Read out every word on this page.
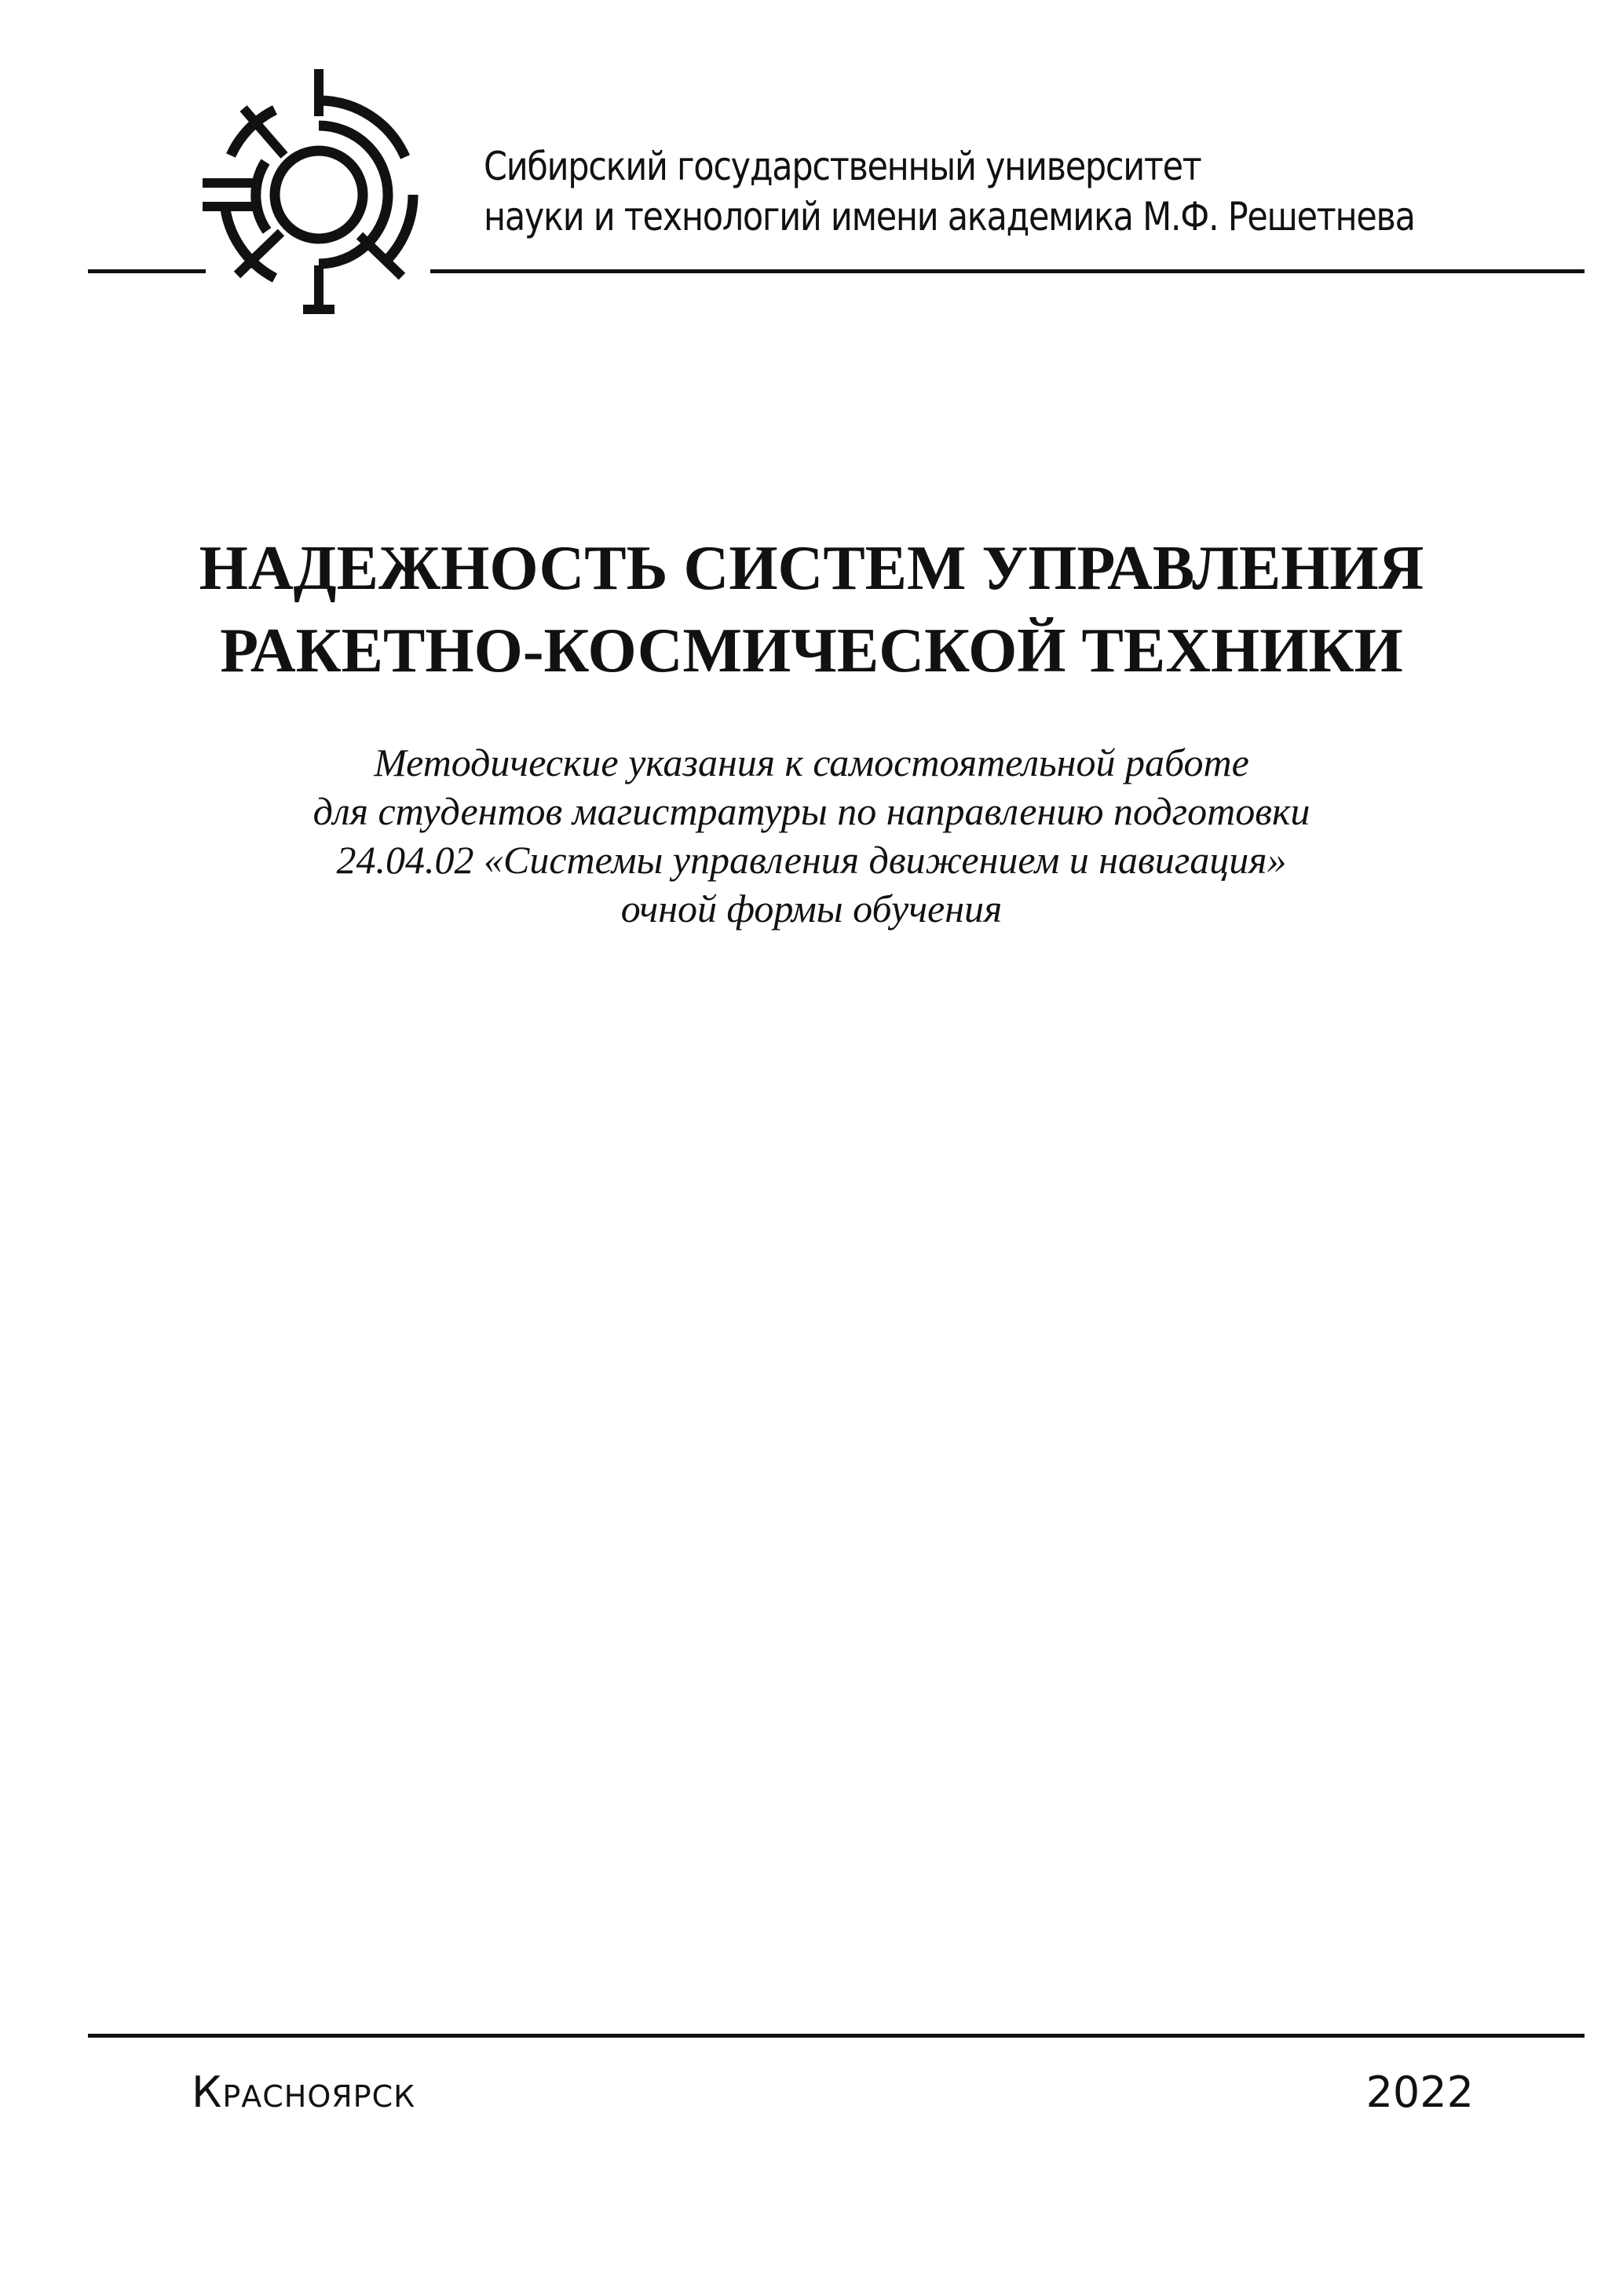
Сибирский государственный университет
науки и технологий имени академика М.Ф. Решетнева
НАДЕЖНОСТЬ СИСТЕМ УПРАВЛЕНИЯ
РАКЕТНО-КОСМИЧЕСКОЙ ТЕХНИКИ
Методические указания к самостоятельной работе
для студентов магистратуры по направлению подготовки
24.04.02 «Системы управления движением и навигация»
очной формы обучения
Красноярск	2022
